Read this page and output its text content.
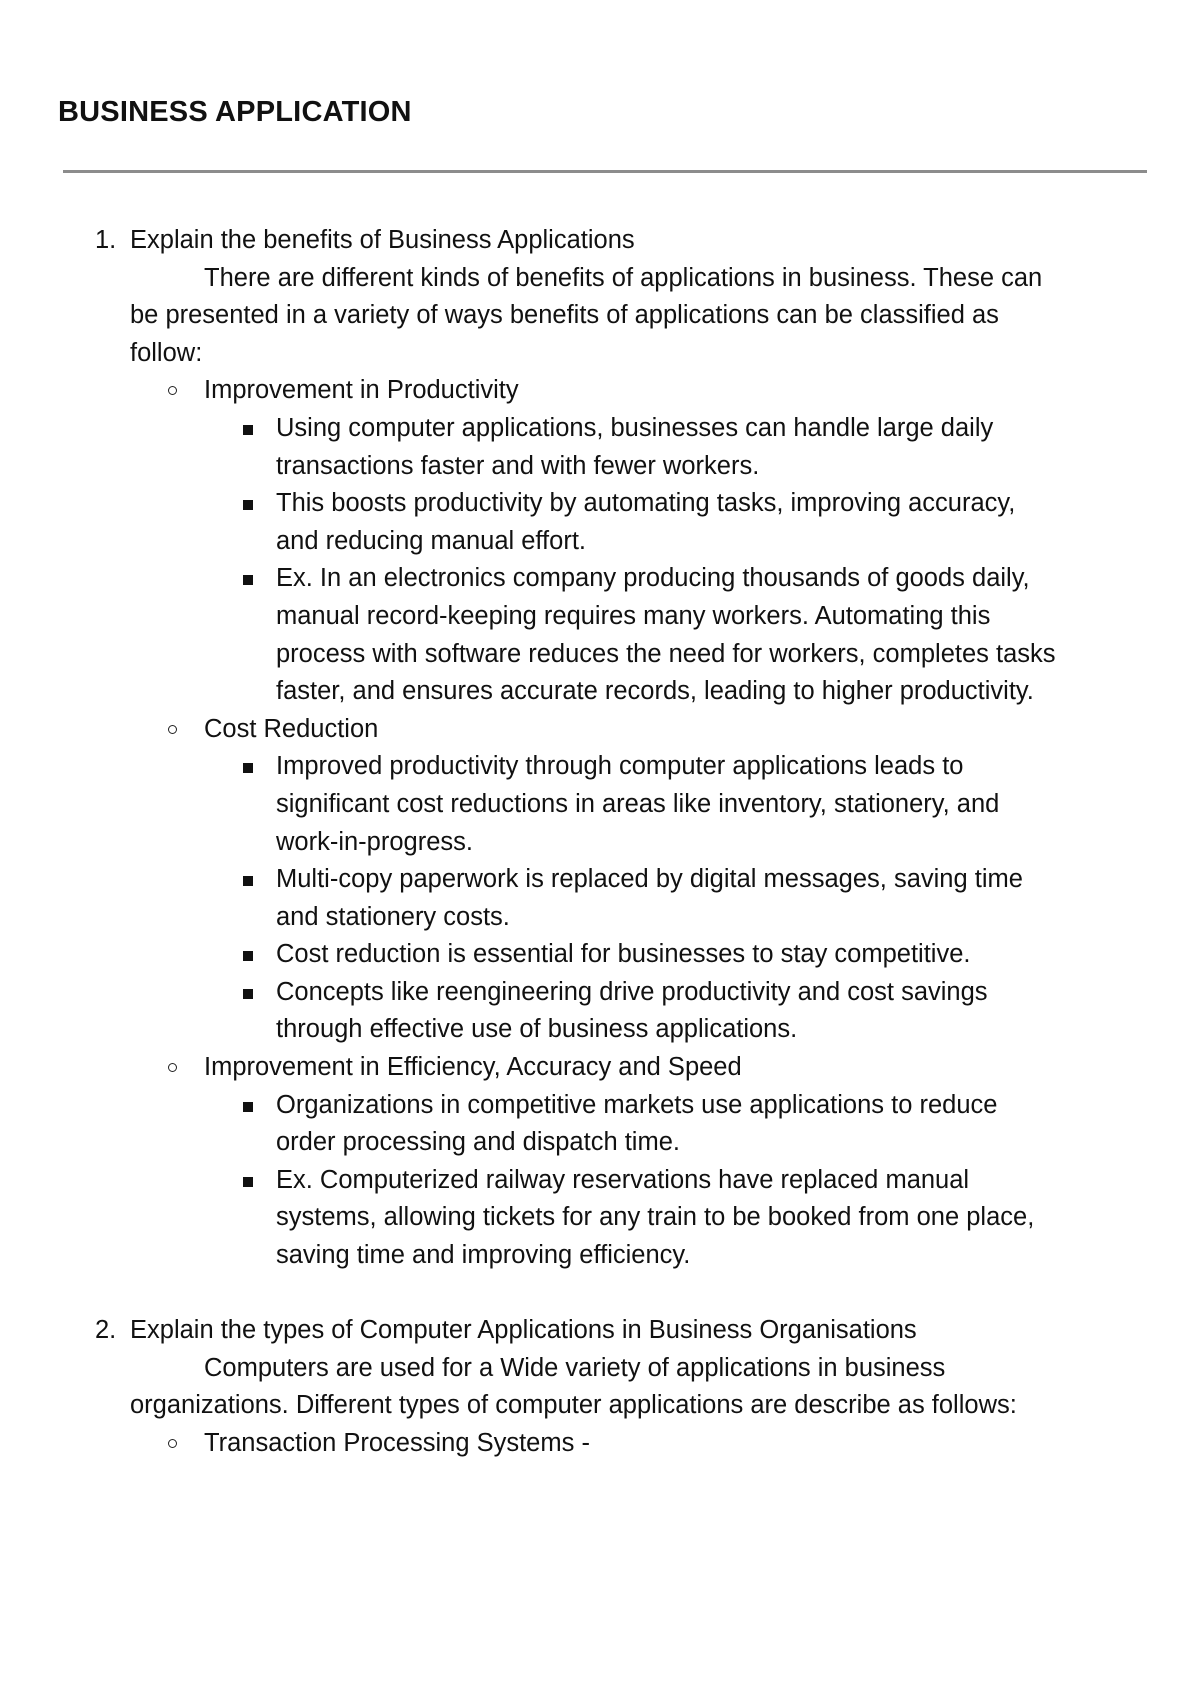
BUSINESS APPLICATION
1. Explain the benefits of Business Applications
There are different kinds of benefits of applications in business. These can
be presented in a variety of ways benefits of applications can be classified as
follow:
Improvement in Productivity
Using computer applications, businesses can handle large daily
transactions faster and with fewer workers.
This boosts productivity by automating tasks, improving accuracy,
and reducing manual effort.
Ex. In an electronics company producing thousands of goods daily,
manual record-keeping requires many workers. Automating this
process with software reduces the need for workers, completes tasks
faster, and ensures accurate records, leading to higher productivity.
Cost Reduction
Improved productivity through computer applications leads to
significant cost reductions in areas like inventory, stationery, and
work-in-progress.
Multi-copy paperwork is replaced by digital messages, saving time
and stationery costs.
Cost reduction is essential for businesses to stay competitive.
Concepts like reengineering drive productivity and cost savings
through effective use of business applications.
Improvement in Efficiency, Accuracy and Speed
Organizations in competitive markets use applications to reduce
order processing and dispatch time.
Ex. Computerized railway reservations have replaced manual
systems, allowing tickets for any train to be booked from one place,
saving time and improving efficiency.
2. Explain the types of Computer Applications in Business Organisations
Computers are used for a Wide variety of applications in business
organizations. Different types of computer applications are describe as follows:
Transaction Processing Systems -
